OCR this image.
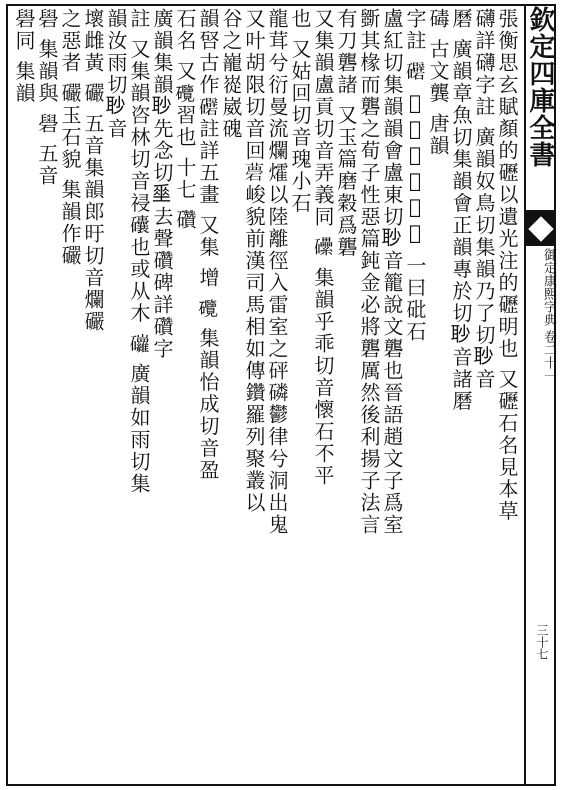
欽定四庫全書
御定康熙字典 卷二十一
三十七
張衡思玄賦顏的礰以遺光注的礰明也 又礰石名見本草
礴詳礴字註 廣韻奴鳥切集韻乃了切𦕈音
磿 廣韻章魚切集韻會正韻專於切𦕈音諸磿
碡 古文龔 唐韻
字註 𥗲 𡵩山曲謂之𥗲 一曰砒石
盧紅切集韻韻會盧東切𦕈音籠說文礱也晉語趙文子爲室
斵其椽而礱之荀子性惡篇鈍金必將礱厲然後利揚子法言
有刀礱諸 又玉篇磨穀爲礱
又集韻盧貢切音弄義同 𥗼 集韻乎乖切音懷石不平
也 又姑回切音瑰小石
龍茸兮衍曼流爛㸌以陸離徑入雷室之砰磷鬱律兮洞出鬼
又叶胡限切音回𥕗峻貌前漢司馬相如傳鑽羅列聚叢以
谷之巃嵸崴磈
韻唘古作𥗲註詳五畫 又集 增 𥗽 集韻怡成切音盈
石名 又𥗽習也 十七 礸
廣韻集韻𦕈先念切𡍮去聲礸碑詳礸字
註 又集韻咨林切音祲𥗾也或从木 𥗿 廣韻如雨切集
韻汝雨切𦕈音
壞雌黃 礹 五音集韻郎旴切音爛礹
之惡者 礹玉石貌 集韻作礹
礐 集韻與 礐 五音
礐同 集韻
